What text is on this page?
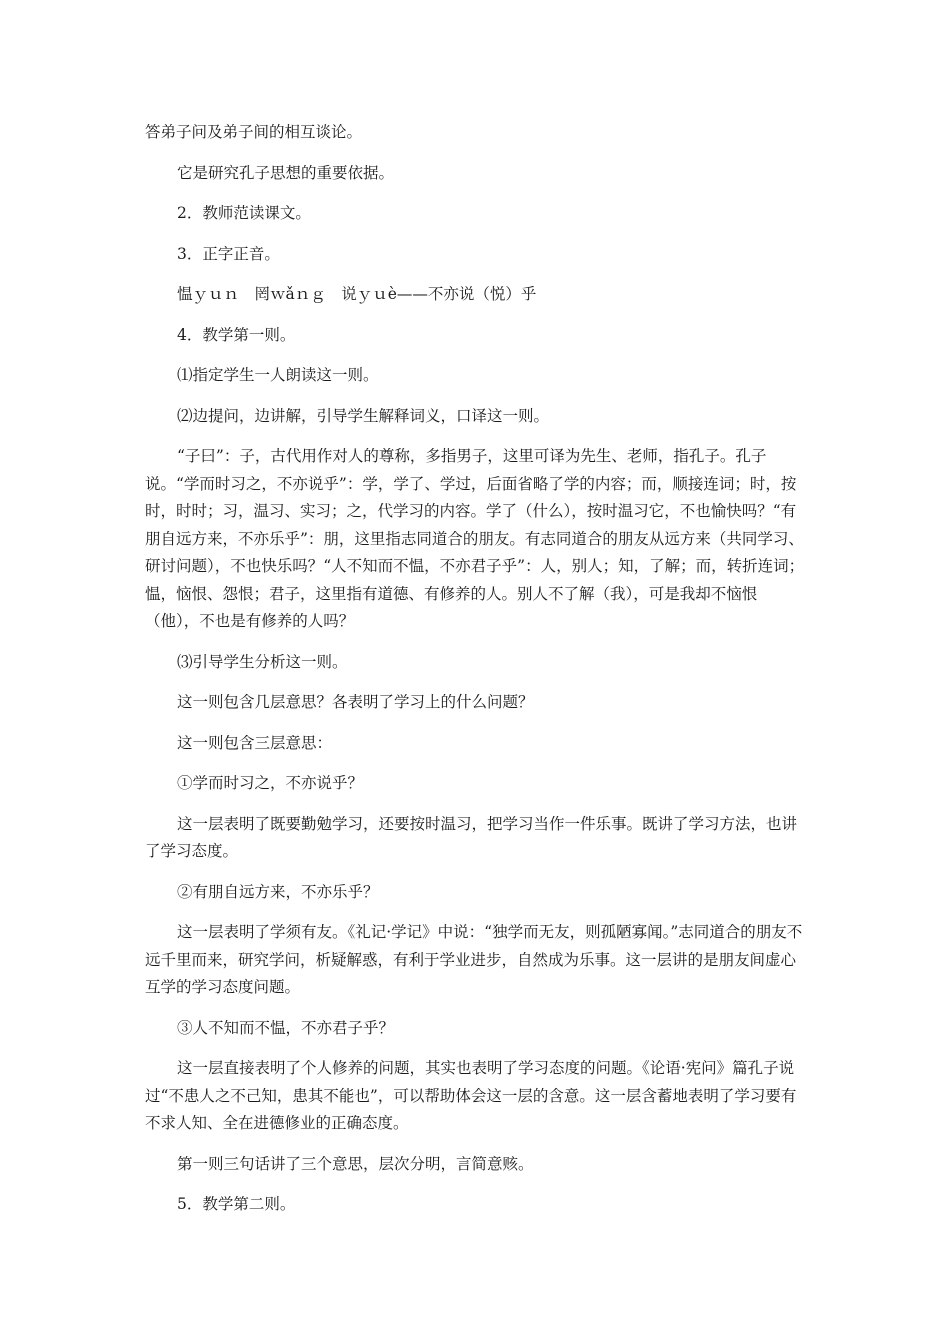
答弟子问及弟子间的相互谈论。

它是研究孔子思想的重要依据。

2．教师范读课文。

3．正字正音。

愠ｙｕｎ　罔ｗǎｎｇ　说ｙｕè——不亦说（悦）乎

4．教学第一则。

⑴指定学生一人朗读这一则。

⑵边提问，边讲解，引导学生解释词义，口译这一则。

“子曰”：子，古代用作对人的尊称，多指男子，这里可译为先生、老师，指孔子。孔子说。“学而时习之，不亦说乎”：学，学了、学过，后面省略了学的内容；而，顺接连词；时，按时，时时；习，温习、实习；之，代学习的内容。学了（什么），按时温习它，不也愉快吗？“有朋自远方来，不亦乐乎”：朋，这里指志同道合的朋友。有志同道合的朋友从远方来（共同学习、研讨问题），不也快乐吗？“人不知而不愠，不亦君子乎”：人，别人；知，了解；而，转折连词；愠，恼恨、怨恨；君子，这里指有道德、有修养的人。别人不了解（我），可是我却不恼恨（他），不也是有修养的人吗？

⑶引导学生分析这一则。

这一则包含几层意思？各表明了学习上的什么问题？

这一则包含三层意思：

①学而时习之，不亦说乎？

这一层表明了既要勤勉学习，还要按时温习，把学习当作一件乐事。既讲了学习方法，也讲了学习态度。

②有朋自远方来，不亦乐乎？

这一层表明了学须有友。《礼记·学记》中说：“独学而无友，则孤陋寡闻。”志同道合的朋友不远千里而来，研究学问，析疑解惑，有利于学业进步，自然成为乐事。这一层讲的是朋友间虚心互学的学习态度问题。

③人不知而不愠，不亦君子乎？

这一层直接表明了个人修养的问题，其实也表明了学习态度的问题。《论语·宪问》篇孔子说过“不患人之不己知，患其不能也”，可以帮助体会这一层的含意。这一层含蓄地表明了学习要有不求人知、全在进德修业的正确态度。

第一则三句话讲了三个意思，层次分明，言简意赅。

5．教学第二则。
